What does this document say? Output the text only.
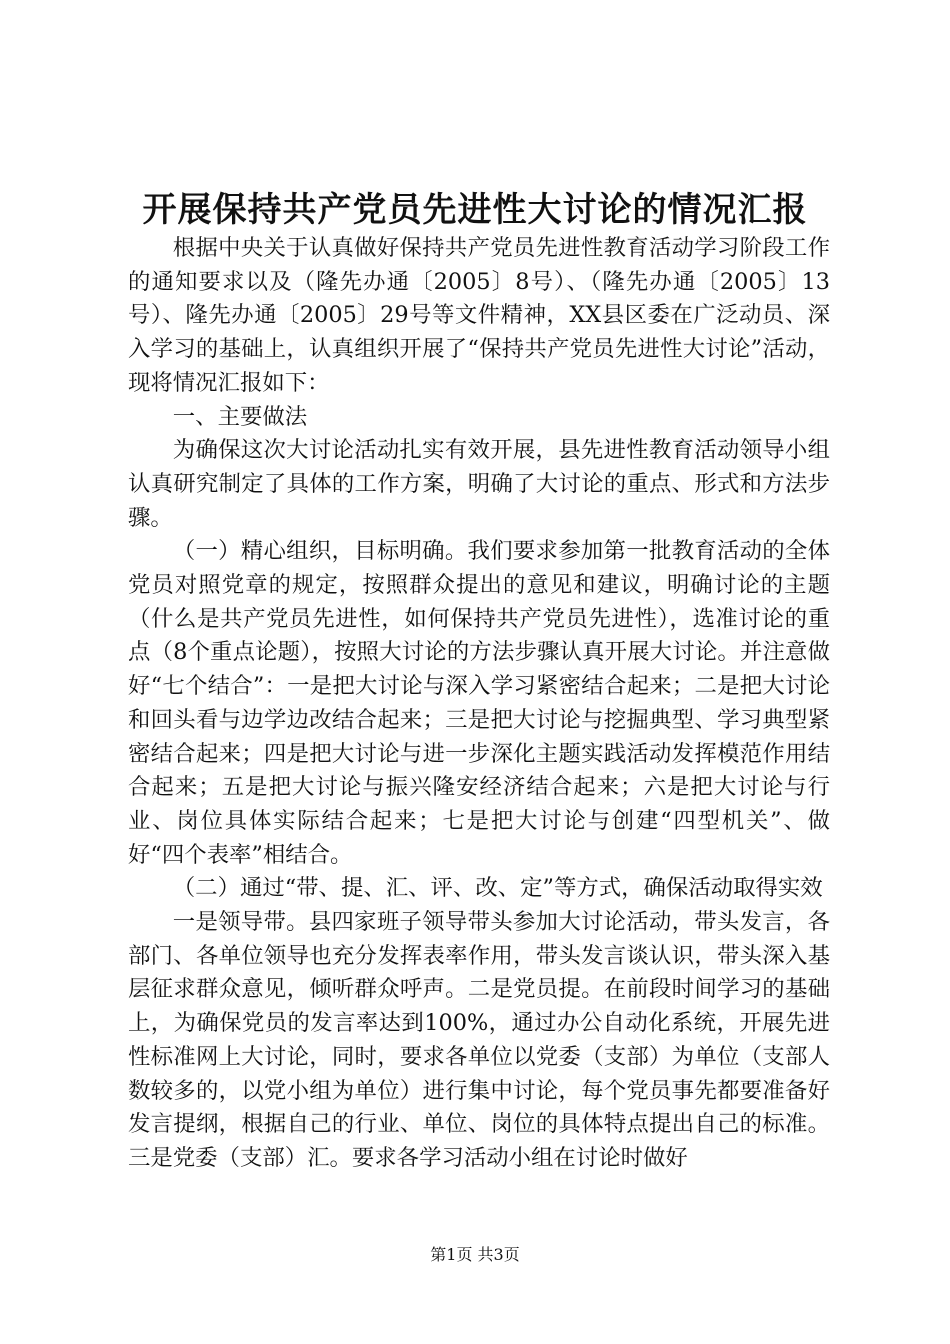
开展保持共产党员先进性大讨论的情况汇报

根据中央关于认真做好保持共产党员先进性教育活动学习阶段工作的通知要求以及（隆先办通〔2005〕8号）、（隆先办通〔2005〕13号）、隆先办通〔2005〕29号等文件精神，XX县区委在广泛动员、深入学习的基础上，认真组织开展了“保持共产党员先进性大讨论”活动，现将情况汇报如下：

一、主要做法

为确保这次大讨论活动扎实有效开展，县先进性教育活动领导小组认真研究制定了具体的工作方案，明确了大讨论的重点、形式和方法步骤。

（一）精心组织，目标明确。我们要求参加第一批教育活动的全体党员对照党章的规定，按照群众提出的意见和建议，明确讨论的主题（什么是共产党员先进性，如何保持共产党员先进性），选准讨论的重点（8个重点论题），按照大讨论的方法步骤认真开展大讨论。并注意做好“七个结合”：一是把大讨论与深入学习紧密结合起来；二是把大讨论和回头看与边学边改结合起来；三是把大讨论与挖掘典型、学习典型紧密结合起来；四是把大讨论与进一步深化主题实践活动发挥模范作用结合起来；五是把大讨论与振兴隆安经济结合起来；六是把大讨论与行业、岗位具体实际结合起来；七是把大讨论与创建“四型机关”、做好“四个表率”相结合。

（二）通过“带、提、汇、评、改、定”等方式，确保活动取得实效

一是领导带。县四家班子领导带头参加大讨论活动，带头发言，各部门、各单位领导也充分发挥表率作用，带头发言谈认识，带头深入基层征求群众意见，倾听群众呼声。二是党员提。在前段时间学习的基础上，为确保党员的发言率达到100%，通过办公自动化系统，开展先进性标准网上大讨论，同时，要求各单位以党委（支部）为单位（支部人数较多的，以党小组为单位）进行集中讨论，每个党员事先都要准备好发言提纲，根据自己的行业、单位、岗位的具体特点提出自己的标准。三是党委（支部）汇。要求各学习活动小组在讨论时做好

第1页 共3页
